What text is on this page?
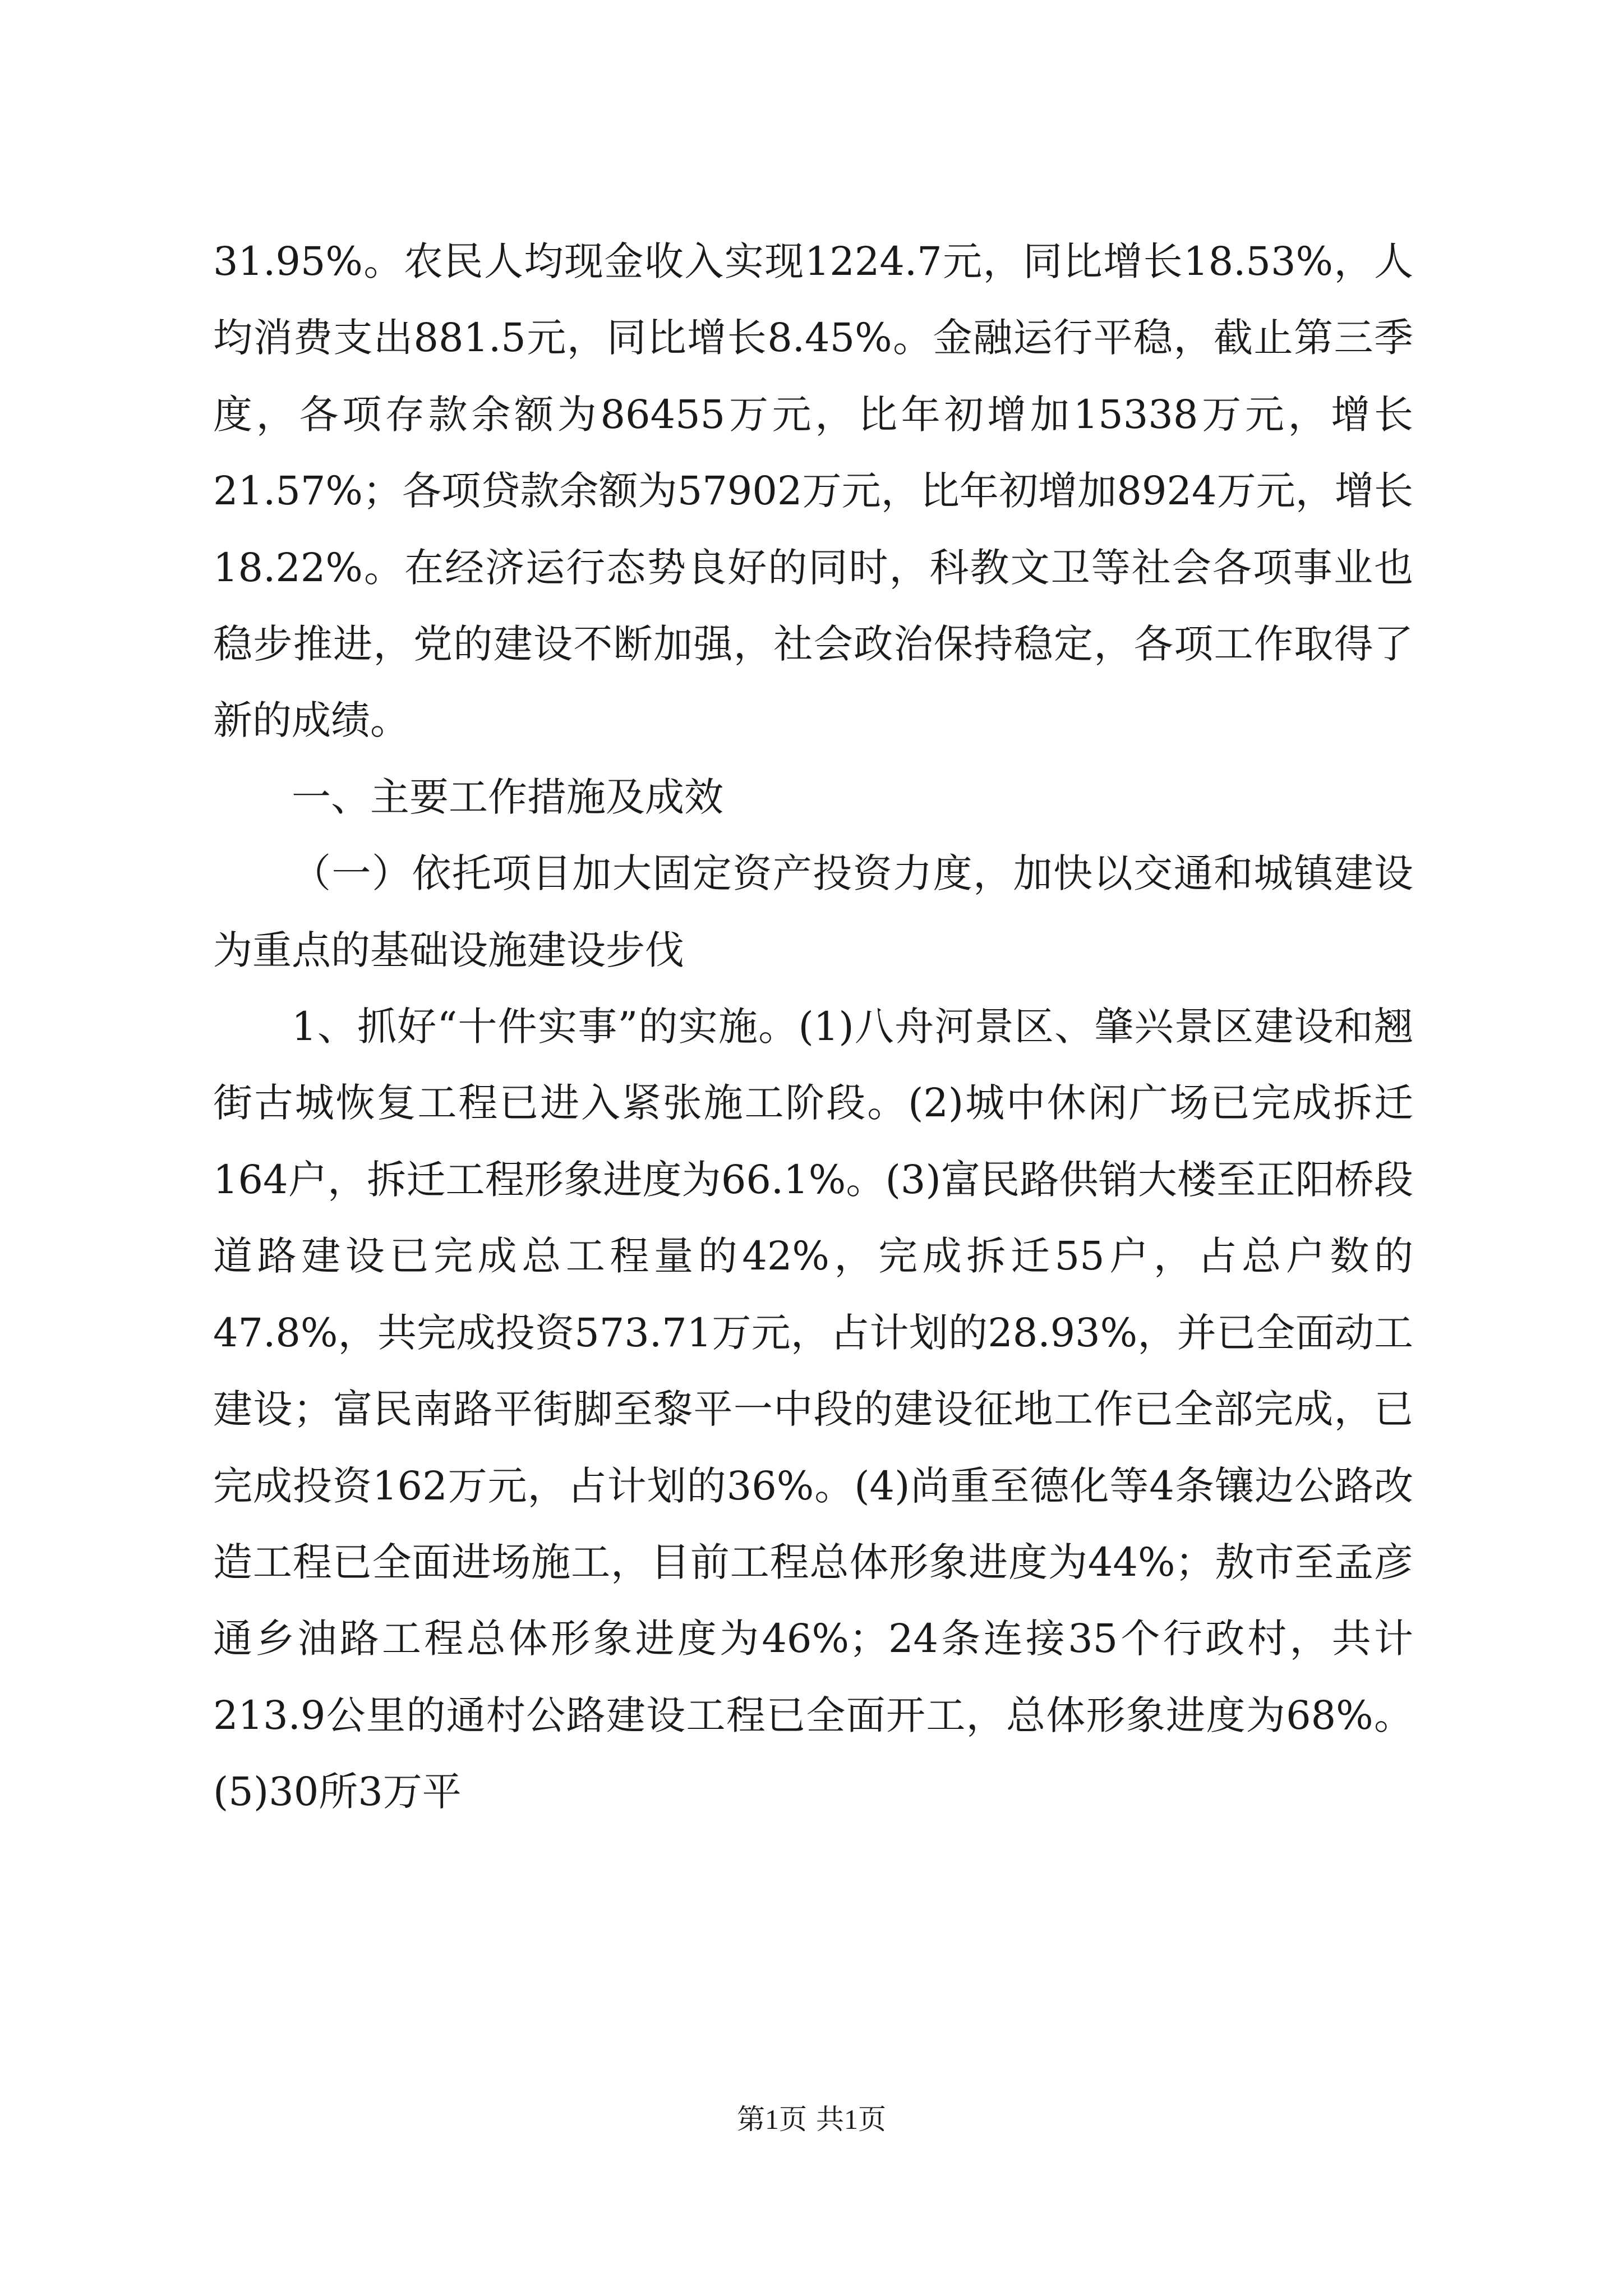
31.95%。农民人均现金收入实现1224.7元，同比增长18.53%，人均消费支出881.5元，同比增长8.45%。金融运行平稳，截止第三季度，各项存款余额为86455万元，比年初增加15338万元，增长21.57%；各项贷款余额为57902万元，比年初增加8924万元，增长18.22%。在经济运行态势良好的同时，科教文卫等社会各项事业也稳步推进，党的建设不断加强，社会政治保持稳定，各项工作取得了新的成绩。

一、主要工作措施及成效

（一）依托项目加大固定资产投资力度，加快以交通和城镇建设为重点的基础设施建设步伐

1、抓好“十件实事”的实施。(1)八舟河景区、肇兴景区建设和翘街古城恢复工程已进入紧张施工阶段。(2)城中休闲广场已完成拆迁164户，拆迁工程形象进度为66.1%。(3)富民路供销大楼至正阳桥段道路建设已完成总工程量的42%，完成拆迁55户，占总户数的47.8%，共完成投资573.71万元，占计划的28.93%，并已全面动工建设；富民南路平街脚至黎平一中段的建设征地工作已全部完成，已完成投资162万元，占计划的36%。(4)尚重至德化等4条镶边公路改造工程已全面进场施工，目前工程总体形象进度为44%；敖市至孟彦通乡油路工程总体形象进度为46%；24条连接35个行政村，共计213.9公里的通村公路建设工程已全面开工，总体形象进度为68%。(5)30所3万平

第1页 共1页
